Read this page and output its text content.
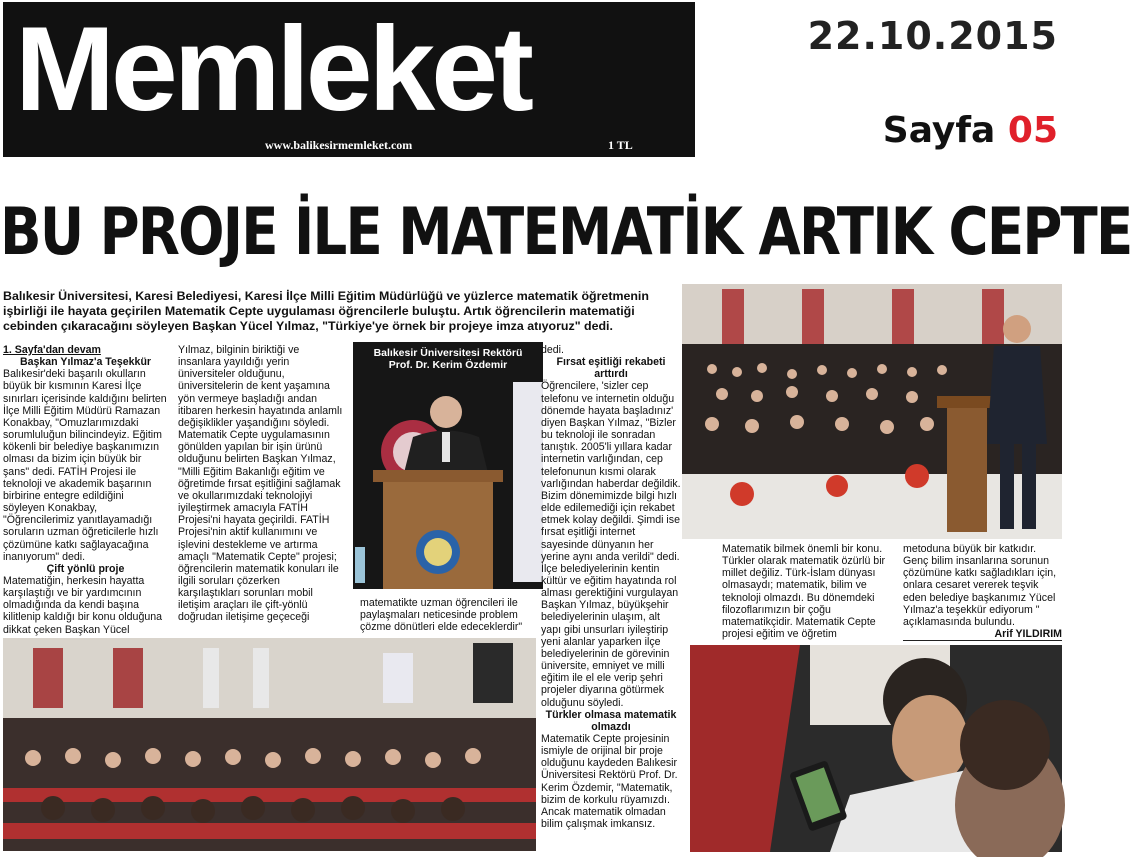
Memleket
www.balikesirmemleket.com	1 TL
22.10.2015
Sayfa 05
BU PROJE İLE MATEMATİK ARTIK CEPTE
Balıkesir Üniversitesi, Karesi Belediyesi, Karesi İlçe Milli Eğitim Müdürlüğü ve yüzlerce matematik öğretmenin işbirliği ile hayata geçirilen Matematik Cepte uygulaması öğrencilerle buluştu. Artık öğrencilerin matematiği cebinden çıkaracağını söyleyen Başkan Yücel Yılmaz, "Türkiye'ye örnek bir projeye imza atıyoruz" dedi.

1. Sayfa'dan devam

Başkan Yılmaz'a Teşekkür

Balıkesir'deki başarılı okulların büyük bir kısmının Karesi İlçe sınırları içerisinde kaldığını belirten İlçe Milli Eğitim Müdürü Ramazan Konakbay, "Omuzlarımızdaki sorumluluğun bilincindeyiz. Eğitim kökenli bir belediye başkanımızın olması da bizim için büyük bir şans" dedi. FATİH Projesi ile teknoloji ve akademik başarının birbirine entegre edildiğini söyleyen Konakbay, "Öğrencilerimiz yanıtlayamadığı soruların uzman öğreticilerle hızlı çözümüne katkı sağlayacağına inanıyorum" dedi.

Çift yönlü proje

Matematiğin, herkesin hayatta karşılaştığı ve bir yardımcının olmadığında da kendi başına kilitlenip kaldığı bir konu olduğuna dikkat çeken Başkan Yücel

Yılmaz, bilginin biriktiği ve insanlara yayıldığı yerin üniversiteler olduğunu, üniversitelerin de kent yaşamına yön vermeye başladığı andan itibaren herkesin hayatında anlamlı değişiklikler yaşandığını söyledi.

Matematik Cepte uygulamasının gönülden yapılan bir işin ürünü olduğunu belirten Başkan Yılmaz, "Milli Eğitim Bakanlığı eğitim ve öğretimde fırsat eşitliğini sağlamak ve okullarımızdaki teknolojiyi iyileştirmek amacıyla FATİH Projesi'ni hayata geçirildi. FATİH Projesi'nin aktif kullanımını ve işlevini destekleme ve artırma amaçlı "Matematik Cepte" projesi; öğrencilerin matematik konuları ile ilgili soruları çözerken karşılaştıkları sorunları mobil iletişim araçları ile çift-yönlü doğrudan iletişime geçeceği

Balıkesir Üniversitesi Rektörü
Prof. Dr. Kerim Özdemir

matematikte uzman öğrencileri ile paylaşmaları neticesinde problem çözme dönütleri elde edeceklerdir"

dedi.

Fırsat eşitliği rekabeti arttırdı

Öğrencilere, 'sizler cep telefonu ve internetin olduğu dönemde hayata başladınız' diyen Başkan Yılmaz, "Bizler bu teknoloji ile sonradan tanıştık. 2005'li yıllara kadar internetin varlığından, cep telefonunun kısmi olarak varlığından haberdar değildik. Bizim dönemimizde bilgi hızlı elde edilemediği için rekabet etmek kolay değildi. Şimdi ise fırsat eşitliği internet sayesinde dünyanın her yerine aynı anda verildi" dedi.

İlçe belediyelerinin kentin kültür ve eğitim hayatında rol alması gerektiğini vurgulayan Başkan Yılmaz, büyükşehir belediyelerinin ulaşım, alt yapı gibi unsurları iyileştirip yeni alanlar yaparken ilçe belediyelerinin de görevinin üniversite, emniyet ve milli eğitim ile el ele verip şehri projeler diyarına götürmek olduğunu söyledi.

Türkler olmasa matematik olmazdı

Matematik Cepte projesinin ismiyle de orijinal bir proje olduğunu kaydeden Balıkesir Üniversitesi Rektörü Prof. Dr. Kerim Özdemir, "Matematik, bizim de korkulu rüyamızdı. Ancak matematik olmadan bilim çalışmak imkansız.

Matematik bilmek önemli bir konu. Türkler olarak matematik özürlü bir millet değiliz. Türk-İslam dünyası olmasaydı; matematik, bilim ve teknoloji olmazdı. Bu dönemdeki filozoflarımızın bir çoğu matematikçidir. Matematik Cepte projesi eğitim ve öğretim

metoduna büyük bir katkıdır. Genç bilim insanlarına sorunun çözümüne katkı sağladıkları için, onlara cesaret vererek teşvik eden belediye başkanımız Yücel Yılmaz'a teşekkür ediyorum " açıklamasında bulundu.

Arif YILDIRIM
